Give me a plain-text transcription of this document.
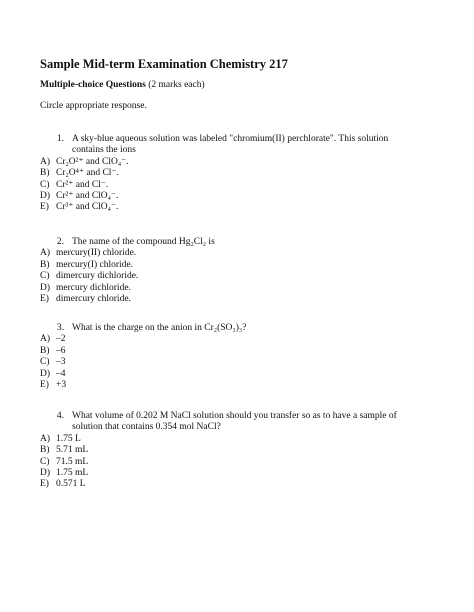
Sample Mid-term Examination Chemistry 217
Multiple-choice Questions (2 marks each)
Circle appropriate response.
1. A sky-blue aqueous solution was labeled "chromium(II) perchlorate". This solution
contains the ions
A) Cr₂O²⁺ and ClO₄⁻.
B) Cr₂O⁴⁺ and Cl⁻.
C) Cr²⁺ and Cl⁻.
D) Cr²⁺ and ClO₄⁻.
E) Cr³⁺ and ClO₄⁻.
2. The name of the compound Hg₂Cl₂ is
A) mercury(II) chloride.
B) mercury(I) chloride.
C) dimercury dichloride.
D) mercury dichloride.
E) dimercury chloride.
3. What is the charge on the anion in Cr₂(SO₃)₃?
A) –2
B) –6
C) –3
D) –4
E) +3
4. What volume of 0.202 M NaCl solution should you transfer so as to have a sample of
solution that contains 0.354 mol NaCl?
A) 1.75 L
B) 5.71 mL
C) 71.5 mL
D) 1.75 mL
E) 0.571 L
